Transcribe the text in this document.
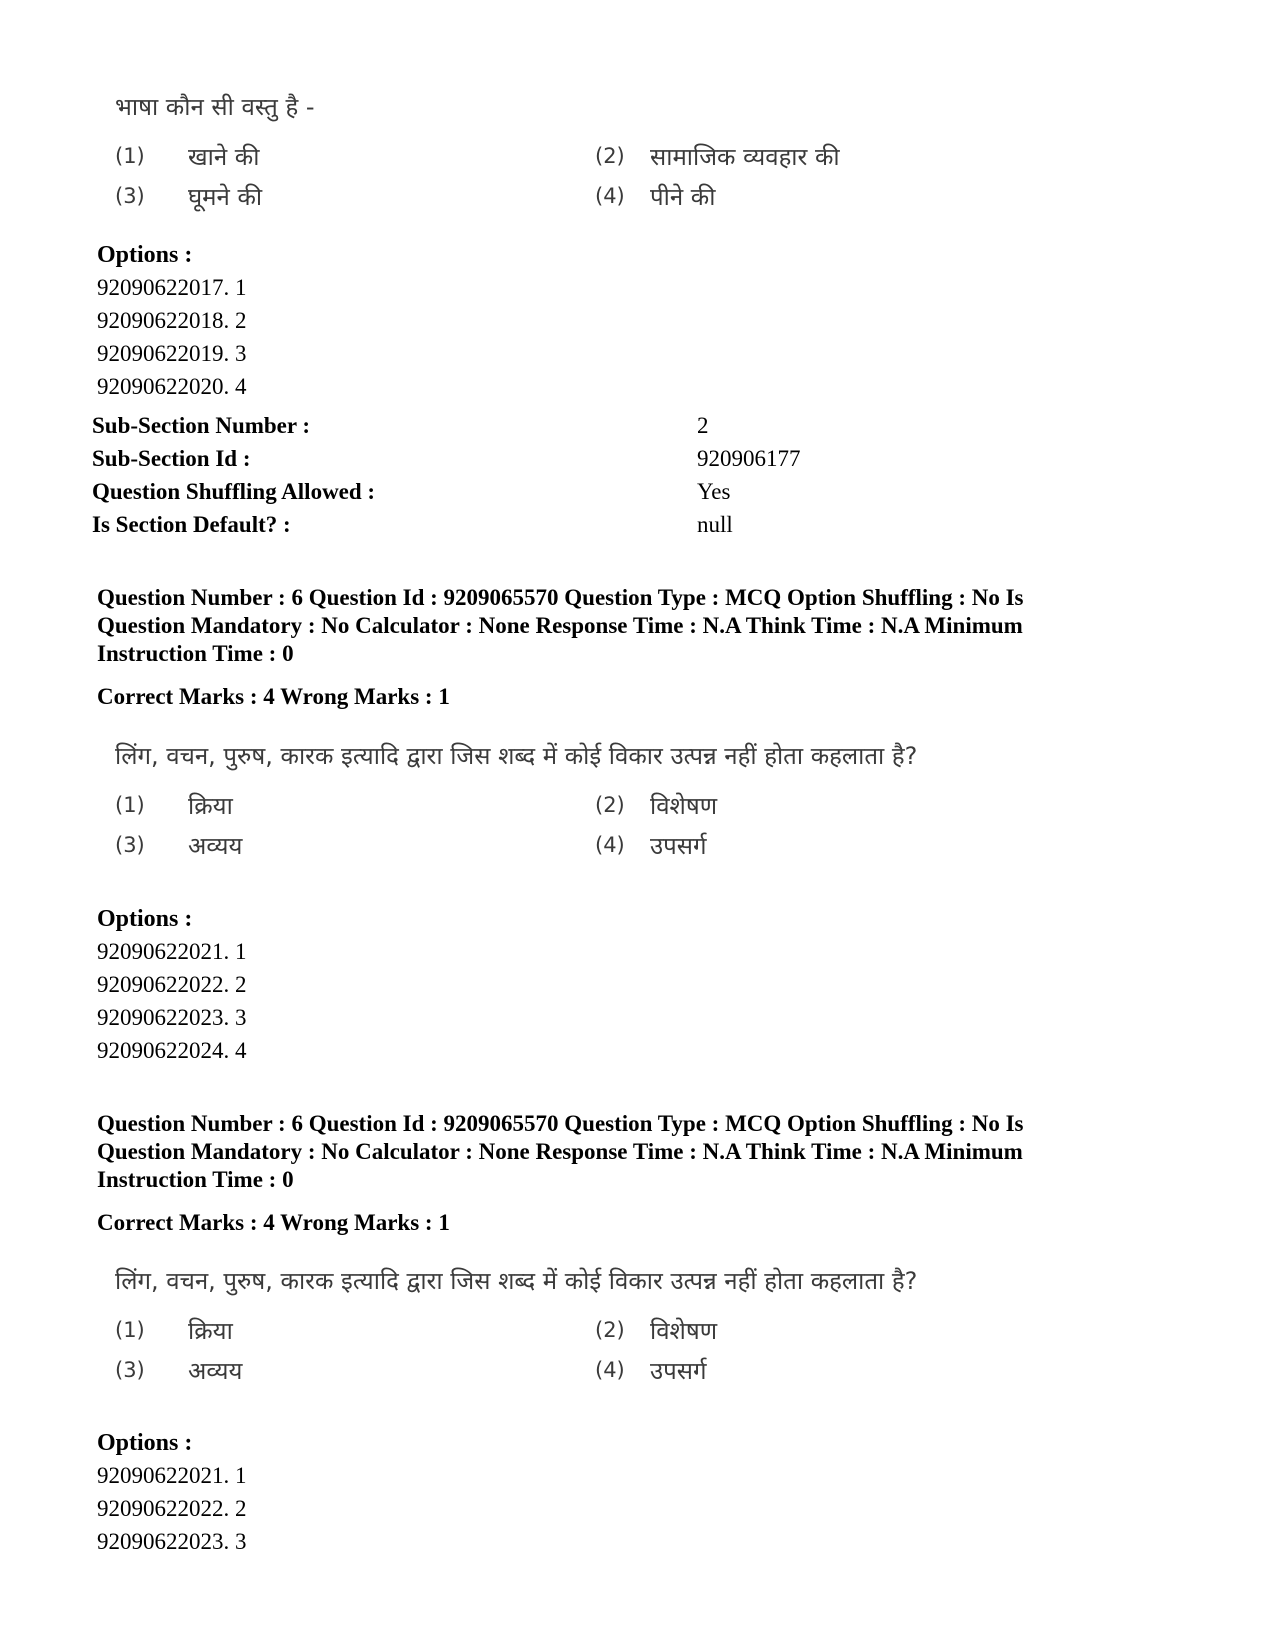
भाषा कौन सी वस्तु है -
(1) खाने की	(2) सामाजिक व्यवहार की
(3) घूमने की	(4) पीने की
Options :
92090622017. 1
92090622018. 2
92090622019. 3
92090622020. 4
Sub-Section Number :	2
Sub-Section Id :	920906177
Question Shuffling Allowed :	Yes
Is Section Default? :	null
Question Number : 6 Question Id : 9209065570 Question Type : MCQ Option Shuffling : No Is
Question Mandatory : No Calculator : None Response Time : N.A Think Time : N.A Minimum
Instruction Time : 0
Correct Marks : 4 Wrong Marks : 1
लिंग, वचन, पुरुष, कारक इत्यादि द्वारा जिस शब्द में कोई विकार उत्पन्न नहीं होता कहलाता है?
(1) क्रिया	(2) विशेषण
(3) अव्यय	(4) उपसर्ग
Options :
92090622021. 1
92090622022. 2
92090622023. 3
92090622024. 4
Question Number : 6 Question Id : 9209065570 Question Type : MCQ Option Shuffling : No Is
Question Mandatory : No Calculator : None Response Time : N.A Think Time : N.A Minimum
Instruction Time : 0
Correct Marks : 4 Wrong Marks : 1
लिंग, वचन, पुरुष, कारक इत्यादि द्वारा जिस शब्द में कोई विकार उत्पन्न नहीं होता कहलाता है?
(1) क्रिया	(2) विशेषण
(3) अव्यय	(4) उपसर्ग
Options :
92090622021. 1
92090622022. 2
92090622023. 3
